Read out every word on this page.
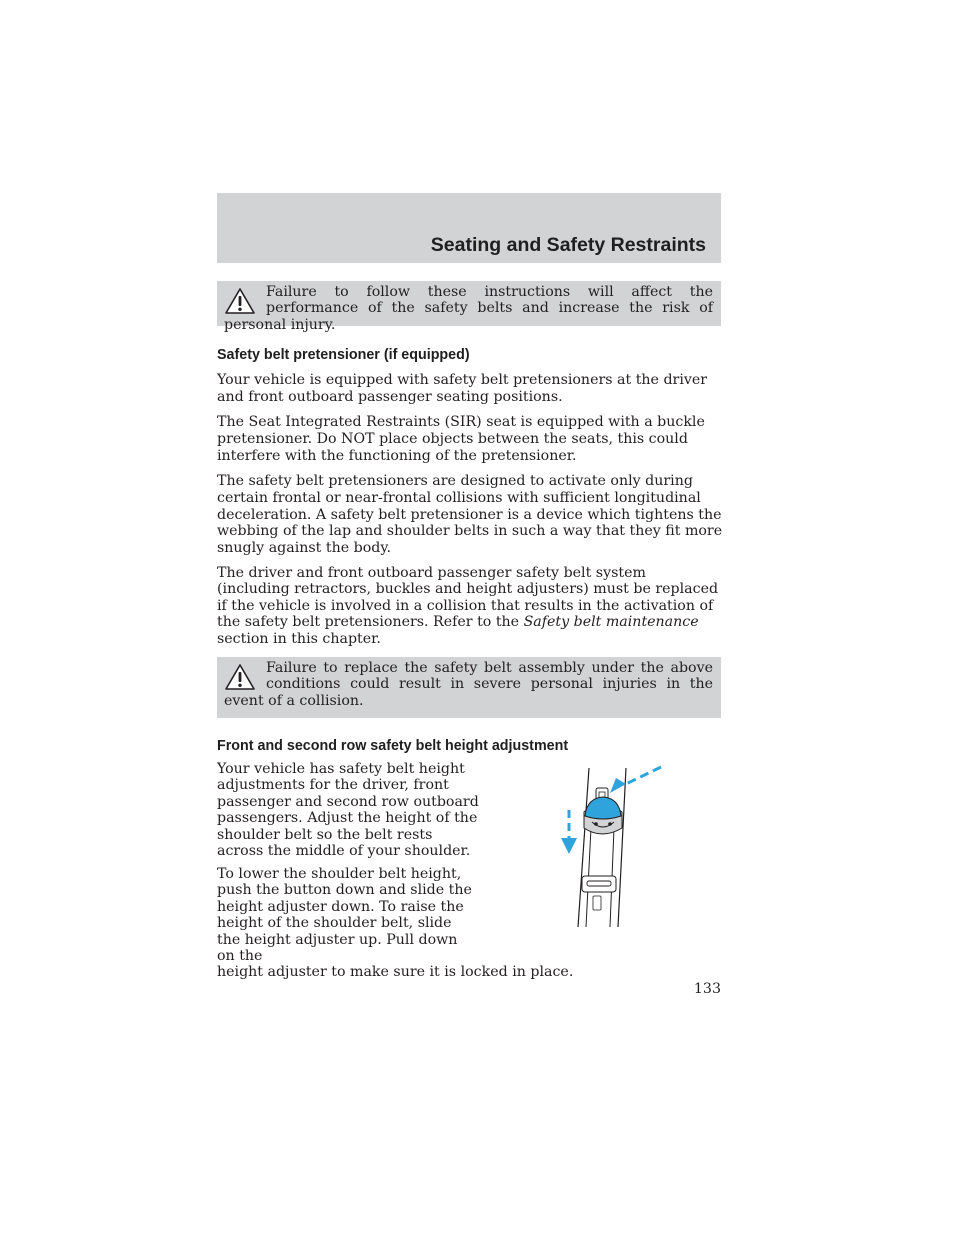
Seating and Safety Restraints

Failure to follow these instructions will affect the performance of the safety belts and increase the risk of personal injury.

Safety belt pretensioner (if equipped)

Your vehicle is equipped with safety belt pretensioners at the driver and front outboard passenger seating positions.

The Seat Integrated Restraints (SIR) seat is equipped with a buckle pretensioner. Do NOT place objects between the seats, this could interfere with the functioning of the pretensioner.

The safety belt pretensioners are designed to activate only during certain frontal or near-frontal collisions with sufficient longitudinal deceleration. A safety belt pretensioner is a device which tightens the webbing of the lap and shoulder belts in such a way that they fit more snugly against the body.

The driver and front outboard passenger safety belt system (including retractors, buckles and height adjusters) must be replaced if the vehicle is involved in a collision that results in the activation of the safety belt pretensioners. Refer to the Safety belt maintenance section in this chapter.

Failure to replace the safety belt assembly under the above conditions could result in severe personal injuries in the event of a collision.

Front and second row safety belt height adjustment

Your vehicle has safety belt height adjustments for the driver, front passenger and second row outboard passengers. Adjust the height of the shoulder belt so the belt rests across the middle of your shoulder.

To lower the shoulder belt height, push the button down and slide the height adjuster down. To raise the height of the shoulder belt, slide the height adjuster up. Pull down on the
height adjuster to make sure it is locked in place.

133
